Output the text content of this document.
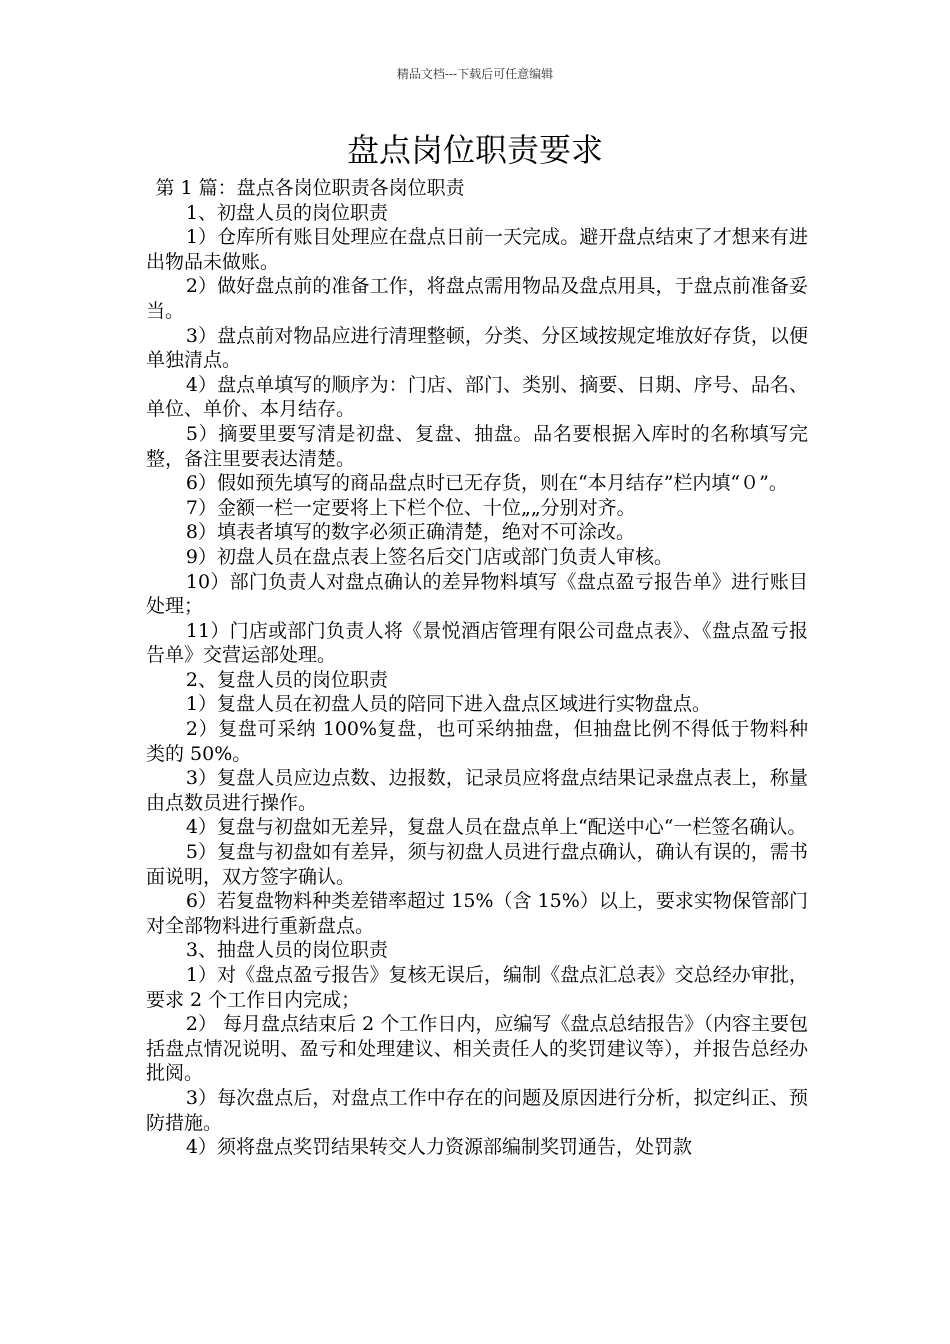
精品文档---下载后可任意编辑
盘点岗位职责要求

第 1 篇：盘点各岗位职责各岗位职责

1、初盘人员的岗位职责

1）仓库所有账目处理应在盘点日前一天完成。避开盘点结束了才想来有进出物品未做账。

2）做好盘点前的准备工作，将盘点需用物品及盘点用具，于盘点前准备妥当。

3）盘点前对物品应进行清理整顿，分类、分区域按规定堆放好存货，以便单独清点。

4）盘点单填写的顺序为：门店、部门、类别、摘要、日期、序号、品名、单位、单价、本月结存。

5）摘要里要写清是初盘、复盘、抽盘。品名要根据入库时的名称填写完整，备注里要表达清楚。

6）假如预先填写的商品盘点时已无存货，则在“本月结存”栏内填“０”。

7）金额一栏一定要将上下栏个位、十位„„分别对齐。

8）填表者填写的数字必须正确清楚，绝对不可涂改。

9）初盘人员在盘点表上签名后交门店或部门负责人审核。

10）部门负责人对盘点确认的差异物料填写《盘点盈亏报告单》进行账目处理；

11）门店或部门负责人将《景悦酒店管理有限公司盘点表》、《盘点盈亏报告单》交营运部处理。

2、复盘人员的岗位职责

1）复盘人员在初盘人员的陪同下进入盘点区域进行实物盘点。

2）复盘可采纳 100%复盘，也可采纳抽盘，但抽盘比例不得低于物料种类的 50%。

3）复盘人员应边点数、边报数，记录员应将盘点结果记录盘点表上，称量由点数员进行操作。

4）复盘与初盘如无差异，复盘人员在盘点单上“配送中心“一栏签名确认。

5）复盘与初盘如有差异，须与初盘人员进行盘点确认，确认有误的，需书面说明，双方签字确认。

6）若复盘物料种类差错率超过 15%（含 15%）以上，要求实物保管部门对全部物料进行重新盘点。

3、抽盘人员的岗位职责

1）对《盘点盈亏报告》复核无误后，编制《盘点汇总表》交总经办审批，要求 2 个工作日内完成；

2） 每月盘点结束后 2 个工作日内，应编写《盘点总结报告》（内容主要包括盘点情况说明、盈亏和处理建议、相关责任人的奖罚建议等），并报告总经办批阅。

3）每次盘点后，对盘点工作中存在的问题及原因进行分析，拟定纠正、预防措施。

4）须将盘点奖罚结果转交人力资源部编制奖罚通告，处罚款
